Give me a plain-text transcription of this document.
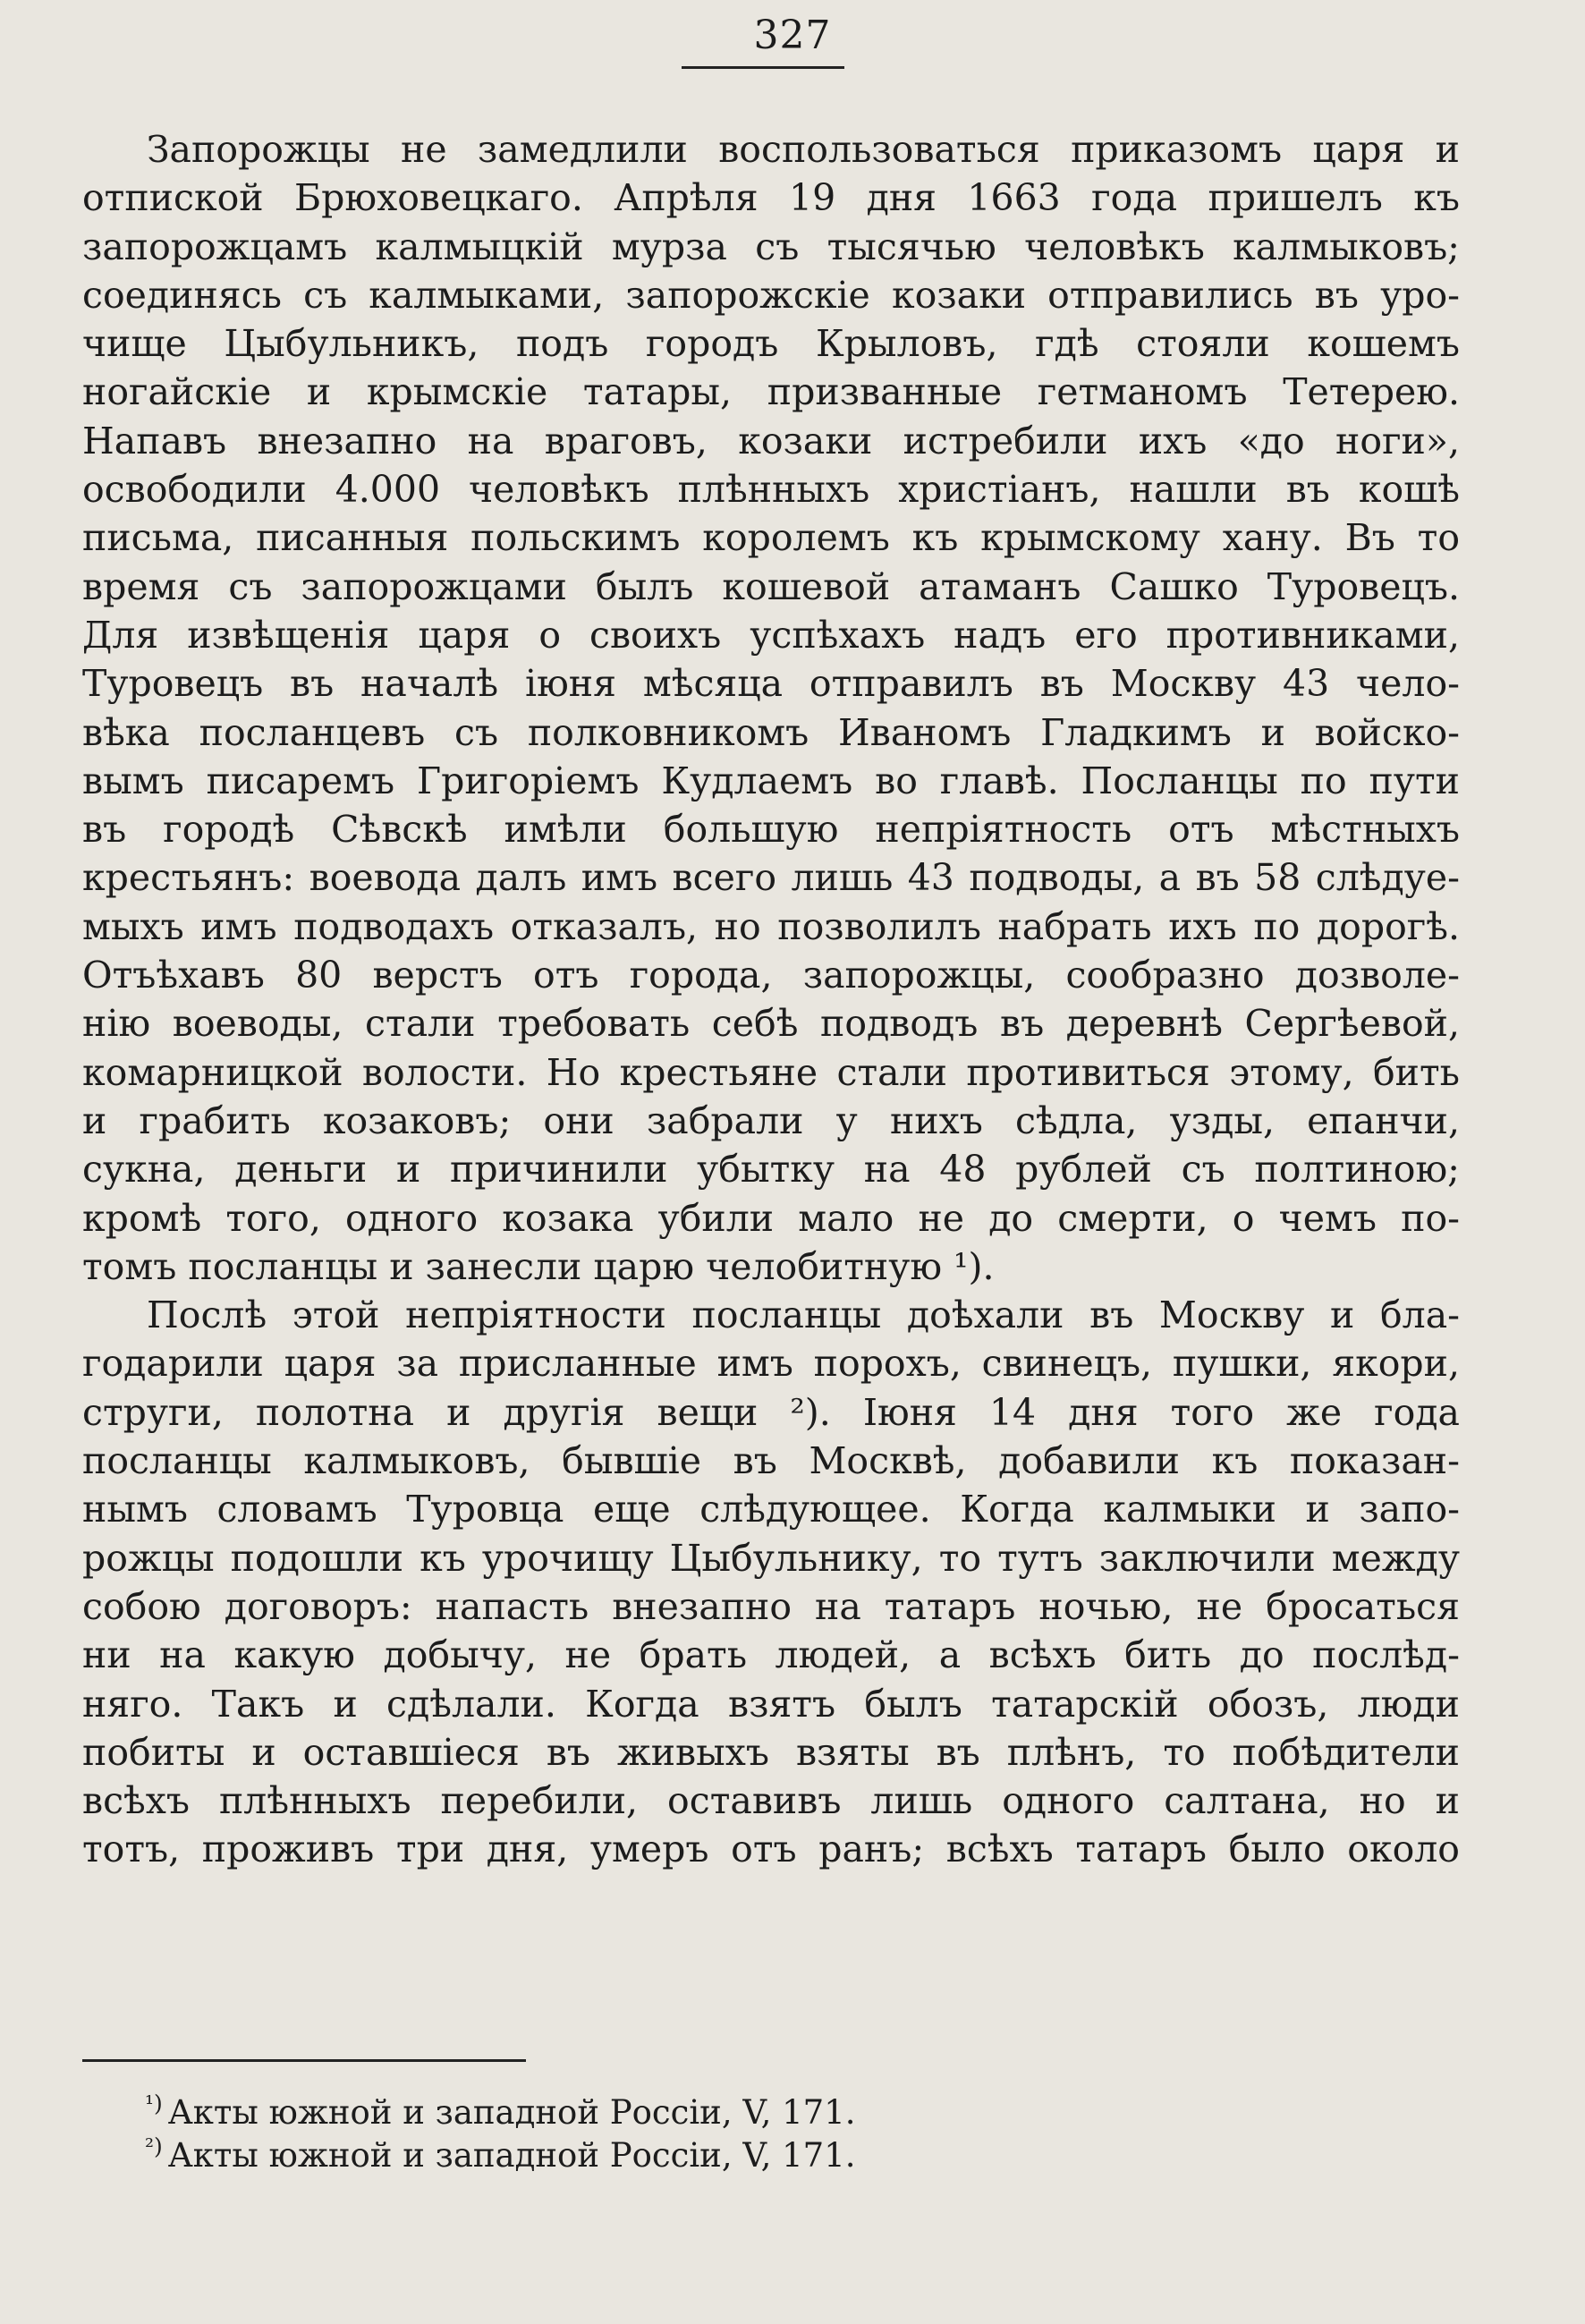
327
Запорожцы не замедлили воспользоваться приказомъ царя и
отпиской Брюховецкаго. Апрѣля 19 дня 1663 года пришелъ къ
запорожцамъ калмыцкій мурза съ тысячью человѣкъ калмыковъ;
соединясь съ калмыками, запорожскіе козаки отправились въ уро-
чище Цыбульникъ, подъ городъ Крыловъ, гдѣ стояли кошемъ
ногайскіе и крымскіе татары, призванные гетманомъ Тетерею.
Напавъ внезапно на враговъ, козаки истребили ихъ «до ноги»,
освободили 4.000 человѣкъ плѣнныхъ христіанъ, нашли въ кошѣ
письма, писанныя польскимъ королемъ къ крымскому хану. Въ то
время съ запорожцами былъ кошевой атаманъ Сашко Туровецъ.
Для извѣщенія царя о своихъ успѣхахъ надъ его противниками,
Туровецъ въ началѣ іюня мѣсяца отправилъ въ Москву 43 чело-
вѣка посланцевъ съ полковникомъ Иваномъ Гладкимъ и войско-
вымъ писаремъ Григоріемъ Кудлаемъ во главѣ. Посланцы по пути
въ городѣ Сѣвскѣ имѣли большую непріятность отъ мѣстныхъ
крестьянъ: воевода далъ имъ всего лишь 43 подводы, а въ 58 слѣдуе-
мыхъ имъ подводахъ отказалъ, но позволилъ набрать ихъ по дорогѣ.
Отъѣхавъ 80 верстъ отъ города, запорожцы, сообразно дозволе-
нію воеводы, стали требовать себѣ подводъ въ деревнѣ Сергѣевой,
комарницкой волости. Но крестьяне стали противиться этому, бить
и грабить козаковъ; они забрали у нихъ сѣдла, узды, епанчи,
сукна, деньги и причинили убытку на 48 рублей съ полтиною;
кромѣ того, одного козака убили мало не до смерти, о чемъ по-
томъ посланцы и занесли царю челобитную ¹).
Послѣ этой непріятности посланцы доѣхали въ Москву и бла-
годарили царя за присланные имъ порохъ, свинецъ, пушки, якори,
струги, полотна и другія вещи ²). Іюня 14 дня того же года
посланцы калмыковъ, бывшіе въ Москвѣ, добавили къ показан-
нымъ словамъ Туровца еще слѣдующее. Когда калмыки и запо-
рожцы подошли къ урочищу Цыбульнику, то тутъ заключили между
собою договоръ: напасть внезапно на татаръ ночью, не бросаться
ни на какую добычу, не брать людей, а всѣхъ бить до послѣд-
няго. Такъ и сдѣлали. Когда взятъ былъ татарскій обозъ, люди
побиты и оставшіеся въ живыхъ взяты въ плѣнъ, то побѣдители
всѣхъ плѣнныхъ перебили, оставивъ лишь одного салтана, но и
тотъ, проживъ три дня, умеръ отъ ранъ; всѣхъ татаръ было около
$^{^1)}$ Акты южной и западной Россіи, V, 171.
$^{^2)}$ Акты южной и западной Россіи, V, 171.
